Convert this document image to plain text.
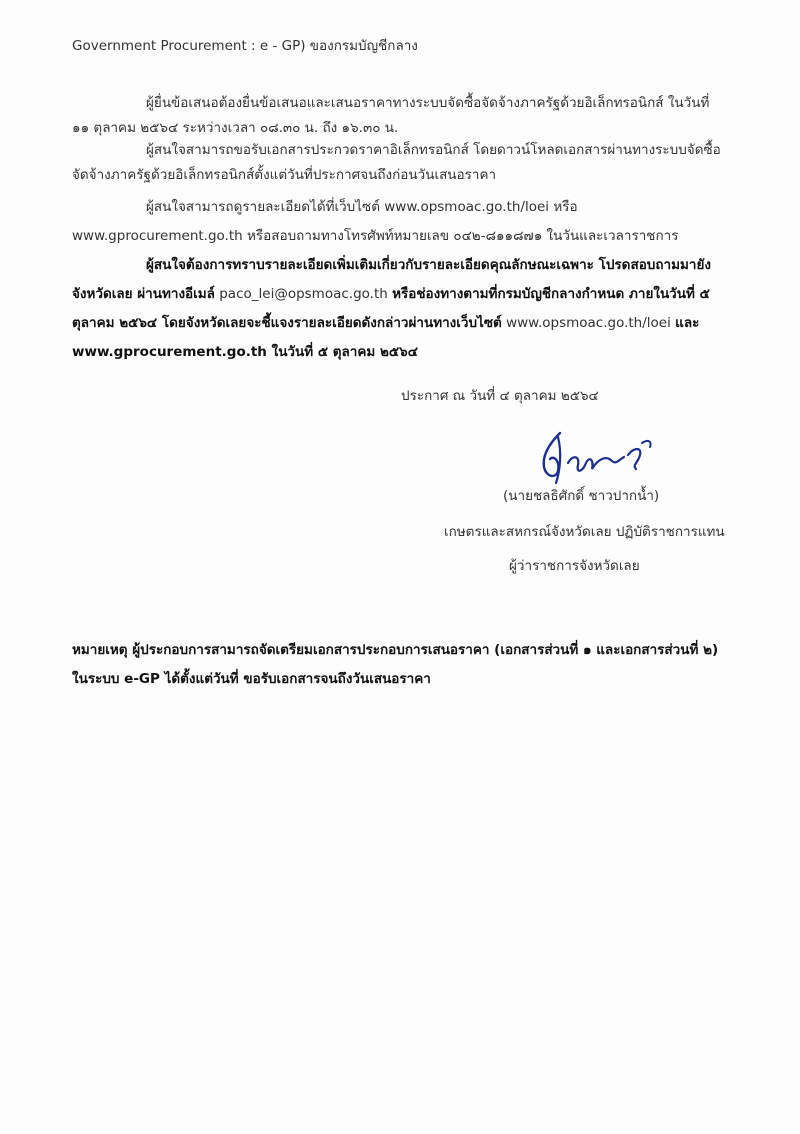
Government Procurement : e - GP) ของกรมบัญชีกลาง
ผู้ยื่นข้อเสนอต้องยื่นข้อเสนอและเสนอราคาทางระบบจัดซื้อจัดจ้างภาครัฐด้วยอิเล็กทรอนิกส์ ในวันที่
๑๑ ตุลาคม ๒๕๖๔ ระหว่างเวลา ๐๘.๓๐ น. ถึง ๑๖.๓๐ น.
ผู้สนใจสามารถขอรับเอกสารประกวดราคาอิเล็กทรอนิกส์ โดยดาวน์โหลดเอกสารผ่านทางระบบจัดซื้อ
จัดจ้างภาครัฐด้วยอิเล็กทรอนิกส์ตั้งแต่วันที่ประกาศจนถึงก่อนวันเสนอราคา
ผู้สนใจสามารถดูรายละเอียดได้ที่เว็บไซต์ www.opsmoac.go.th/loei หรือ
www.gprocurement.go.th หรือสอบถามทางโทรศัพท์หมายเลข ๐๔๒-๘๑๑๘๗๑ ในวันและเวลาราชการ
ผู้สนใจต้องการทราบรายละเอียดเพิ่มเติมเกี่ยวกับรายละเอียดคุณลักษณะเฉพาะ โปรดสอบถามมายัง
จังหวัดเลย ผ่านทางอีเมล์ paco_lei@opsmoac.go.th หรือช่องทางตามที่กรมบัญชีกลางกำหนด ภายในวันที่ ๕
ตุลาคม ๒๕๖๔ โดยจังหวัดเลยจะชี้แจงรายละเอียดดังกล่าวผ่านทางเว็บไซต์ www.opsmoac.go.th/loei และ
www.gprocurement.go.th ในวันที่ ๕ ตุลาคม ๒๕๖๔
ประกาศ ณ วันที่ ๔ ตุลาคม ๒๕๖๔
(นายชลธิศักดิ์ ชาวปากน้ำ)
เกษตรและสหกรณ์จังหวัดเลย ปฏิบัติราชการแทน
ผู้ว่าราชการจังหวัดเลย
หมายเหตุ ผู้ประกอบการสามารถจัดเตรียมเอกสารประกอบการเสนอราคา (เอกสารส่วนที่ ๑ และเอกสารส่วนที่ ๒)
ในระบบ e-GP ได้ตั้งแต่วันที่ ขอรับเอกสารจนถึงวันเสนอราคา
